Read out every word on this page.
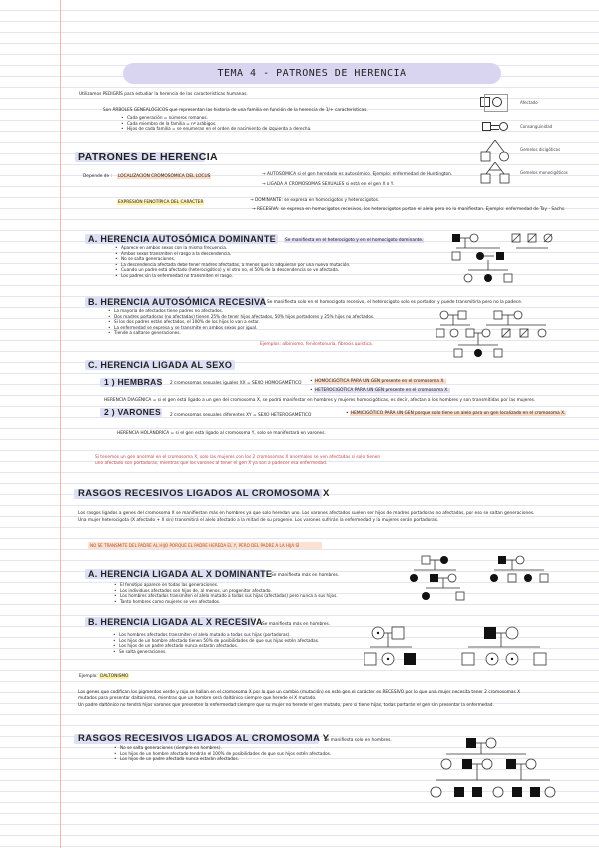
TEMA 4 - PATRONES DE HERENCIA
Utilizamos PEDIGRÍS para estudiar la herencia de las características humanas.
Son ÁRBOLES GENEALÓGICOS que representan las historia de una familia en función de la herencia de 1/+ características.
• Cada generación = números romanos.
• Cada miembro de la familia = nº arábigos.
• Hijos de cada familia = se enumeran en el orden de nacimiento de izquierda a derecha.
Afectado
Consanguinidad
Gemelos dicigóticos
Gemelos monocigóticos
PATRONES DE HERENCIA
Depende de : LOCALIZACIÓN CROMOSÓMICA DEL LOCUS	→ AUTOSÓMICA si el gen heredado es autosómico. Ejemplo: enfermedad de Huntington.
→ LIGADA A CROMOSOMAS SEXUALES si está en el gen X o Y.
EXPRESIÓN FENOTÍPICA DEL CARÁCTER	→ DOMINANTE: se expresa en homocigotos y heterocigotos.
→ RECESIVA: se expresa en homocigotos recesivos, los heterocigotos portan el alelo pero no lo manifiestan. Ejemplo: enfermedad de Tay - Sachs.
A. HERENCIA AUTOSÓMICA DOMINANTE Se manifiesta en el heterocigoto y en el homocigoto dominante.
• Aparece en ambos sexos con la misma frecuencia.
• Ambos sexos transmiten el rasgo a la descendencia.
• No se salta generaciones.
• La descendencia afectada debe tener madres afectadas, a menos que lo adquieran por una nueva mutación.
• Cuando un padre está afectado (heterocigótico) y el otro no, el 50% de la descendencia se ve afectada.
• Los padres sin la enfermedad no transmiten el rasgo.
B. HERENCIA AUTOSÓMICA RECESIVA Se manifiesta solo en el homocigoto recesivo, el heterocigoto solo es portador y puede transmitirla pero no la padece.
• La mayoría de afectados tiene padres no afectados.
• Dos madres portadoras (no afectadas) tienen 25% de tener hijos afectados, 50% hijos portadores y 25% hijos no afectados.
• Si los dos padres están afectados, el 100% de los hijos lo van a estar.
• La enfermedad se expresa y se transmite en ambos sexos por igual.
• Tiende a saltarse generaciones.
Ejemplos: albinismo, fenilcetonuria, fibrosis quística.
C. HERENCIA LIGADA AL SEXO
1 ) HEMBRAS 2 cromosomas sexuales iguales XX = SEXO HOMOGAMÉTICO • HOMOCIGÓTICA PARA UN GEN presente en el cromosoma X.
• HETEROCIGÓTICA PARA UN GEN presente en el cromosoma X.
HERENCIA DIAGÉNICA = si el gen está ligado a un gen del cromosoma X, se podrá manifestar en hombres y mujeres homocigóticas, es decir, afectan a los hombres y son transmitidas por las mujeres.
2 ) VARONES 2 cromosomas sexuales diferentes XY = SEXO HETEROGAMÉTICO	• HEMICIGÓTICO PARA UN GEN porque solo tiene un alelo para un gen localizado en el cromosoma X.
HERENCIA HOLÁNDRICA = si el gen está ligado al cromosoma Y, solo se manifestará en varones.
Si tenemos un gen anormal en el cromosoma X, solo las mujeres con los 2 cromosomas X anormales se ven afectadas si solo tienen
uno afectado son portadoras, mientras que los varones al tener el gen X ya son a padecer esa enfermedad.
RASGOS RECESIVOS LIGADOS AL CROMOSOMA X
Los rasgos ligados a genes del cromosoma X se manifiestan más en hombres ya que solo heredan uno. Los varones afectados suelen ser hijos de madres portadoras no afectadas, por eso se saltan generaciones.
Una mujer heterocigota (X afectado + X sin) transmitirá el alelo afectado a la mitad de su progenie. Los varones sufrirán la enfermedad y la mujeres serán portadoras.
NO SE TRANSMITE DEL PADRE AL HIJO PORQUE EL PADRE HEREDA EL Y, PERO DEL PADRE A LA HIJA SÍ
A. HERENCIA LIGADA AL X DOMINANTE
Se manifiesta más en hombres.
• El fenotipo aparece en todas las generaciones.
• Los individuos afectados son hijos de, al menos, un progenitor afectado.
• Los hombres afectados transmiten el alelo mutado a todas sus hijas (afectadas) pero nunca a sus hijos.
• Tanto hombres como mujeres se ven afectados.
B. HERENCIA LIGADA AL X RECESIVA Se manifiesta más en hombres.
• Los hombres afectados transmiten el alelo mutado a todas sus hijas (portadoras).
• Los hijos de un hombre afectado tienen 50% de posibilidades de que sus hijas estén afectadas.
• Los hijos de un padre afectado nunca estarán afectados.
• Se salta generaciones.
Ejemplo: DALTONISMO
Los genes que codifican los pigmentos verde y rojo se hallan en el cromosoma X por lo que un cambio (mutación) en este gen el carácter es RECESIVO por lo que una mujer necesita tener 2 cromosomas X
mutados para presentar daltonismo, mientras que un hombre será daltónico siempre que herede el X mutado.
Un padre daltónico no tendrá hijos varones que presenten la enfermedad siempre que su mujer no herede el gen mutado, pero si tiene hijas, todas portarán el gen sin presentar la enfermedad.
RASGOS RECESIVOS LIGADOS AL CROMOSOMA Y
Se manifiesta solo en hombres.
• No se salta generaciones (siempre en hombres).
• Los hijos de un hombre afectado tendrán el 100% de posibilidades de que sus hijos estén afectados.
• Los hijos de un padre afectado nunca estarán afectados.
